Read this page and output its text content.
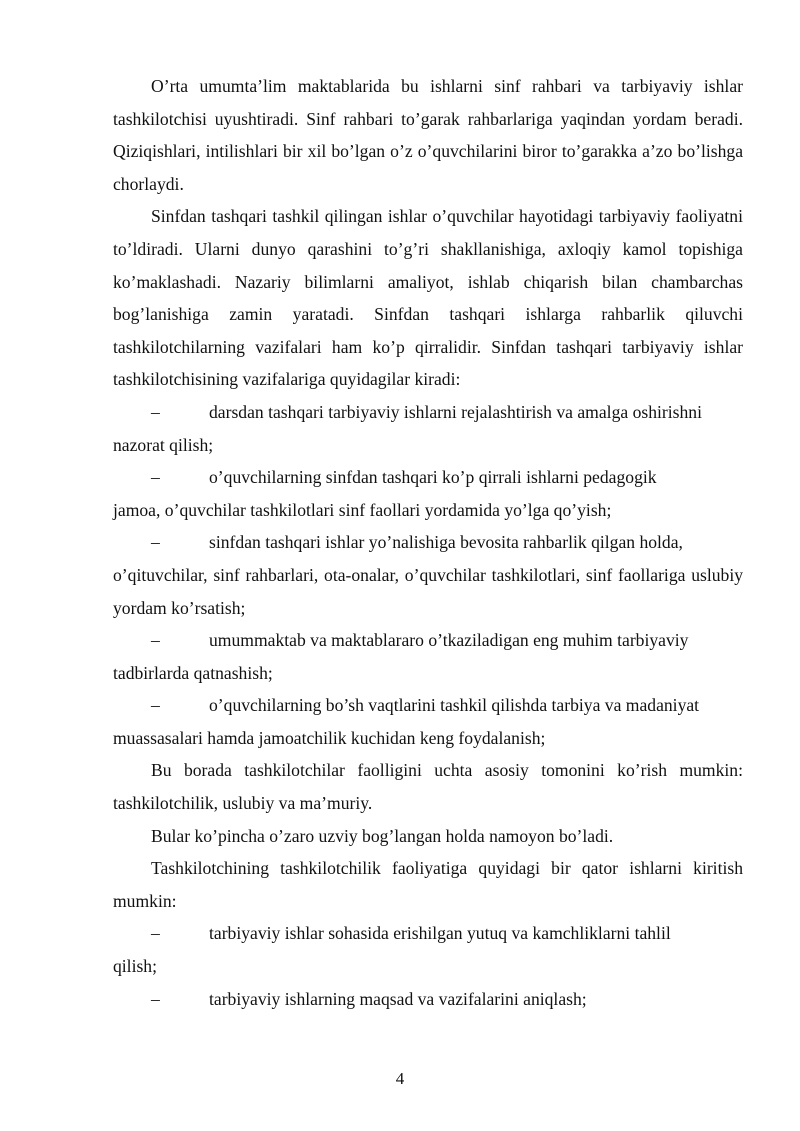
O’rta umumta’lim maktablarida bu ishlarni sinf rahbari va tarbiyaviy ishlar tashkilotchisi uyushtiradi. Sinf rahbari to’garak rahbarlariga yaqindan yordam beradi. Qiziqishlari, intilishlari bir xil bo’lgan o’z o’quvchilarini biror to’garakka a’zo bo’lishga chorlaydi.

Sinfdan tashqari tashkil qilingan ishlar o’quvchilar hayotidagi tarbiyaviy faoliyatni to’ldiradi. Ularni dunyo qarashini to’g’ri shakllanishiga, axloqiy kamol topishiga ko’maklashadi. Nazariy bilimlarni amaliyot, ishlab chiqarish bilan chambarchas bog’lanishiga zamin yaratadi. Sinfdan tashqari ishlarga rahbarlik qiluvchi tashkilotchilarning vazifalari ham ko’p qirralidir. Sinfdan tashqari tarbiyaviy ishlar tashkilotchisining vazifalariga quyidagilar kiradi:

–	darsdan tashqari tarbiyaviy ishlarni rejalashtirish va amalga oshirishni

nazorat qilish;

–	o’quvchilarning sinfdan tashqari ko’p qirrali ishlarni pedagogik

jamoa, o’quvchilar tashkilotlari sinf faollari yordamida yo’lga qo’yish;

–	sinfdan tashqari ishlar yo’nalishiga bevosita rahbarlik qilgan holda,

o’qituvchilar, sinf rahbarlari, ota-onalar, o’quvchilar tashkilotlari, sinf faollariga uslubiy yordam ko’rsatish;

–	umummaktab va maktablararo o’tkaziladigan eng muhim tarbiyaviy

tadbirlarda qatnashish;

–	o’quvchilarning bo’sh vaqtlarini tashkil qilishda tarbiya va madaniyat

muassasalari hamda jamoatchilik kuchidan keng foydalanish;

Bu borada tashkilotchilar faolligini uchta asosiy tomonini ko’rish mumkin: tashkilotchilik, uslubiy va ma’muriy.

Bular ko’pincha o’zaro uzviy bog’langan holda namoyon bo’ladi.

Tashkilotchining tashkilotchilik faoliyatiga quyidagi bir qator ishlarni kiritish mumkin:

–	tarbiyaviy ishlar sohasida erishilgan yutuq va kamchliklarni tahlil

qilish;

–	tarbiyaviy ishlarning maqsad va vazifalarini aniqlash;

4
